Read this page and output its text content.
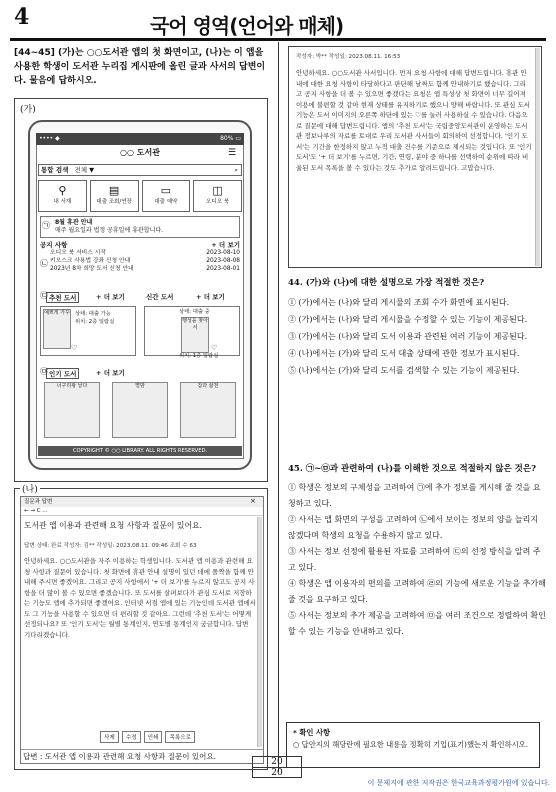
4	국어 영역(언어와 매체)
[44~45] (가)는 ○○도서관 앱의 첫 화면이고, (나)는 이 앱을 사용한 학생이 도서관 누리집 게시판에 올린 글과 사서의 답변이다. 물음에 답하시오.
(가)
•••• ◆	80% ▭
○○ 도서관	☰
통합 검색 전체 ▼	⌕
⚲
내 서재
▤
대출 조회/연장
▭
대출 예약
◫
오디오 북
8월 휴관 안내
매주 월요일과 법정 공휴일에 휴관합니다.
㉠
공지 사항	+ 더 보기
오디오 북 서비스 시작	2023-08-10
키오스크 사용법 강좌 신청 안내	2023-08-08
2023년 8차 희망 도서 신청 안내	2023-08-01
㉡
추천 도서	+ 더 보기	신간 도서	+ 더 보기
㉢
예쁘게 가꾸 상태: 대출 가능
위치: 2층 일람실
♡
행성을 찾아서
상태: 대출 중
위치: 1층 일람실
♡
인기 도서	+ 더 보기
㉤
너구리왕 날다	별밤	참과 삶천
COPYRIGHT © ○○ LIBRARY. ALL RIGHTS RESERVED.
(나)
질문과 답변	×
← → C ...
도서관 앱 이용과 관련해 요청 사항과 질문이 있어요.
답변 상태: 완료 작성자: 김** 작성일: 2023.08.11. 09:46 조회 수 63
안녕하세요. ○○도서관을 자주 이용하는 학생입니다. 도서관 앱 이용과 관련해 요청 사항과 질문이 있습니다. 첫 화면에 휴관 안내 설명이 있던 데에 폴짝을 함께 안내해 주시면 좋겠어요. 그리고 공지 사항에서 '+ 더 보기'를 누르지 않고도 공지 사항을 더 많이 볼 수 있으면 좋겠습니다. 또 도서를 살펴보다가 관심 도서로 저장하는 기능도 앱에 추가되면 좋겠어요. 인터넷 서점 앱에 있는 기능인데 도서관 앱에서도 그 기능을 사용할 수 있으면 더 편리할 것 같아요. 그런데 '추천 도서'는 어떻게 선정되나요? 또 '인기 도서'는 월별 통계인지, 연도별 통계인지 궁금합니다. 답변 기다리겠습니다.
삭제	수정	인쇄	목록으로
답변 : 도서관 앱 이용과 관련해 요청 사항과 질문이 있어요.
작성자: 박** 작성일: 2023.08.11. 16:53
안녕하세요. ○○도서관 사서입니다. 먼저 요청 사항에 대해 답변드립니다. 휴관 안내에 대한 요청 사항이 타당하다고 판단해 날짜도 함께 안내하기로 했습니다. 그리고 공지 사항을 더 볼 수 있으면 좋겠다는 요청은 앱 특성상 첫 화면이 너무 길어져 이용에 불편할 것 같아 현재 상태를 유지하기로 했으니 양해 바랍니다. 또 관심 도서 기능은 도서 이미지의 오른쪽 하단에 있는 ♡를 눌러 사용하실 수 있습니다. 다음으로 질문에 대해 답변드립니다. 앱의 '추천 도서'는 국립중앙도서관이 운영하는 도서관 정보나루의 자료를 토대로 우리 도서관 사서들이 회의하여 선정합니다. '인기 도서'는 기간을 한정하지 않고 누적 대출 건수를 기준으로 제시되는 것입니다. 또 '인기 도서'도 '+ 더 보기'를 누르면, 기간, 연령, 분야 중 하나를 선택하여 순위에 따라 비율된 도서 목록을 볼 수 있다는 것도 추가로 알려드립니다. 고맙습니다.
44. (가)와 (나)에 대한 설명으로 가장 적절한 것은?
① (가)에서는 (나)와 달리 게시물의 조회 수가 화면에 표시된다.
② (가)에서는 (나)와 달리 게시물을 수정할 수 있는 기능이 제공된다.
③ (가)에서는 (나)와 달리 도서 이용과 관련된 여러 기능이 제공된다.
④ (나)에서는 (가)와 달리 도서 대출 상태에 관한 정보가 표시된다.
⑤ (나)에서는 (가)와 달리 도서를 검색할 수 있는 기능이 제공된다.
45. ㉠~㉤과 관련하여 (나)를 이해한 것으로 적절하지 않은 것은?
① 학생은 정보의 구체성을 고려하여 ㉠에 추가 정보를 게시해 줄 것을 요청하고 있다.
② 사서는 앱 화면의 구성을 고려하여 ㉡에서 보이는 정보의 양을 늘리지 않겠다며 학생의 요청을 수용하지 않고 있다.
③ 사서는 정보 선정에 활용된 자료를 고려하여 ㉢의 선정 방식을 알려 주고 있다.
④ 학생은 앱 이용자의 편의를 고려하여 ㉣의 기능에 새로운 기능을 추가해 줄 것을 요구하고 있다.
⑤ 사서는 정보의 추가 제공을 고려하여 ㉤을 여러 조건으로 정렬하여 확인할 수 있는 기능을 안내하고 있다.
* 확인 사항
○ 답안지의 해당란에 필요한 내용을 정확히 기입(표기)했는지 확인하시오.
20
20
이 문제지에 관한 저작권은 한국교육과정평가원에 있습니다.
